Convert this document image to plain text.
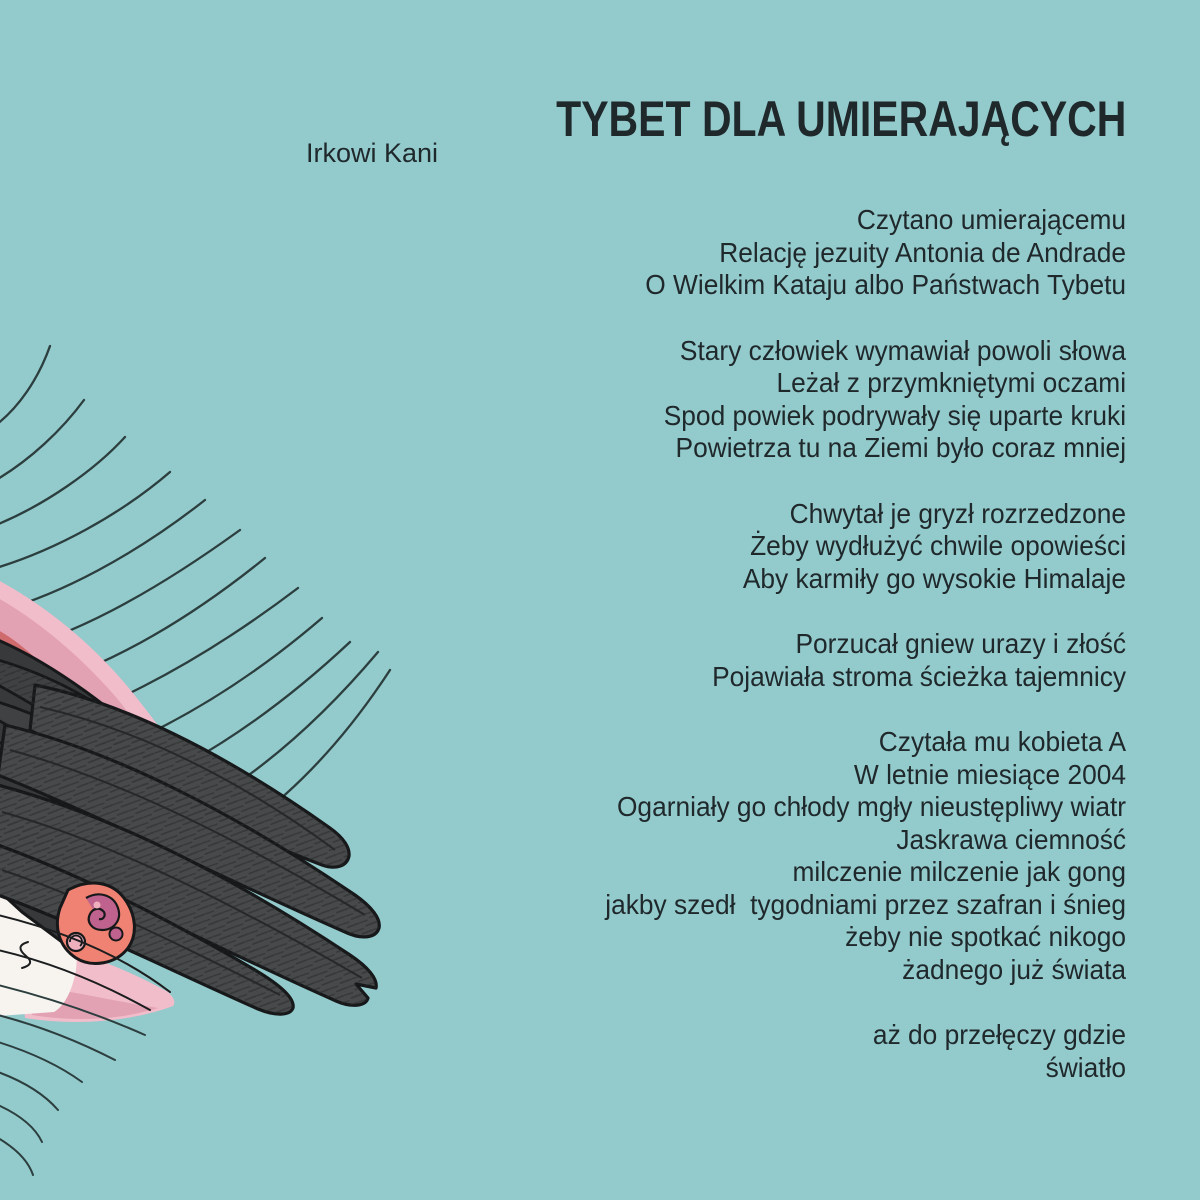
TYBET DLA UMIERAJĄCYCH
Irkowi Kani
Czytano umierającemu
Relację jezuity Antonia de Andrade
O Wielkim Kataju albo Państwach Tybetu
Stary człowiek wymawiał powoli słowa
Leżał z przymkniętymi oczami
Spod powiek podrywały się uparte kruki
Powietrza tu na Ziemi było coraz mniej
Chwytał je gryzł rozrzedzone
Żeby wydłużyć chwile opowieści
Aby karmiły go wysokie Himalaje
Porzucał gniew urazy i złość
Pojawiała stroma ścieżka tajemnicy
Czytała mu kobieta A
W letnie miesiące 2004
Ogarniały go chłody mgły nieustępliwy wiatr
Jaskrawa ciemność
milczenie milczenie jak gong
jakby szedł  tygodniami przez szafran i śnieg
żeby nie spotkać nikogo
żadnego już świata
aż do przełęczy gdzie
światło
